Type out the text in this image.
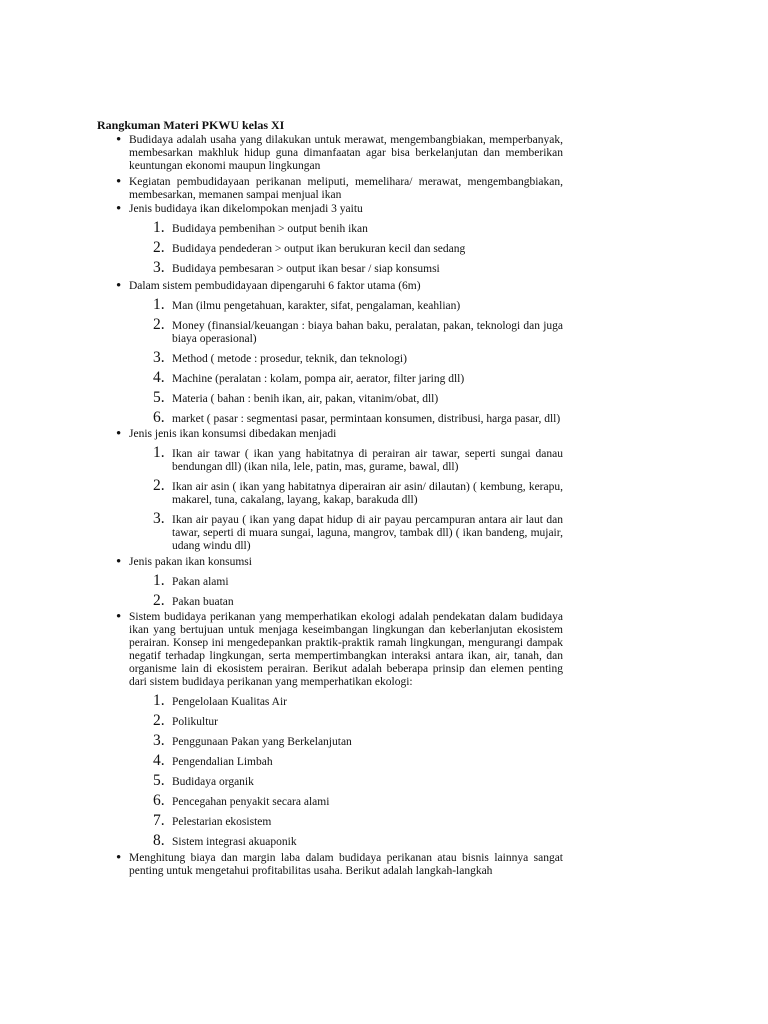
Rangkuman Materi PKWU kelas XI
• Budidaya adalah usaha yang dilakukan untuk merawat, mengembangbiakan, memperbanyak, membesarkan makhluk hidup guna dimanfaatan agar bisa berkelanjutan dan memberikan keuntungan ekonomi maupun lingkungan
• Kegiatan pembudidayaan perikanan meliputi, memelihara/ merawat, mengembangbiakan, membesarkan, memanen sampai menjual ikan
• Jenis budidaya ikan dikelompokan menjadi 3 yaitu
1. Budidaya pembenihan > output benih ikan
2. Budidaya pendederan > output ikan berukuran kecil dan sedang
3. Budidaya pembesaran > output ikan besar / siap konsumsi
• Dalam sistem pembudidayaan dipengaruhi 6 faktor utama (6m)
1. Man (ilmu pengetahuan, karakter, sifat, pengalaman, keahlian)
2. Money (finansial/keuangan : biaya bahan baku, peralatan, pakan, teknologi dan juga biaya operasional)
3. Method ( metode : prosedur, teknik, dan teknologi)
4. Machine (peralatan : kolam, pompa air, aerator, filter jaring dll)
5. Materia ( bahan : benih ikan, air, pakan, vitanim/obat, dll)
6. market ( pasar : segmentasi pasar, permintaan konsumen, distribusi, harga pasar, dll)
• Jenis jenis ikan konsumsi dibedakan menjadi
1. Ikan air tawar ( ikan yang habitatnya di perairan air tawar, seperti sungai danau bendungan dll) (ikan nila, lele, patin, mas, gurame, bawal, dll)
2. Ikan air asin ( ikan yang habitatnya diperairan air asin/ dilautan) ( kembung, kerapu, makarel, tuna, cakalang, layang, kakap, barakuda dll)
3. Ikan air payau ( ikan yang dapat hidup di air payau percampuran antara air laut dan tawar, seperti di muara sungai, laguna, mangrov, tambak dll) ( ikan bandeng, mujair, udang windu dll)
• Jenis pakan ikan konsumsi
1. Pakan alami
2. Pakan buatan
• Sistem budidaya perikanan yang memperhatikan ekologi adalah pendekatan dalam budidaya ikan yang bertujuan untuk menjaga keseimbangan lingkungan dan keberlanjutan ekosistem perairan. Konsep ini mengedepankan praktik-praktik ramah lingkungan, mengurangi dampak negatif terhadap lingkungan, serta mempertimbangkan interaksi antara ikan, air, tanah, dan organisme lain di ekosistem perairan. Berikut adalah beberapa prinsip dan elemen penting dari sistem budidaya perikanan yang memperhatikan ekologi:
1. Pengelolaan Kualitas Air
2. Polikultur
3. Penggunaan Pakan yang Berkelanjutan
4. Pengendalian Limbah
5. Budidaya organik
6. Pencegahan penyakit secara alami
7. Pelestarian ekosistem
8. Sistem integrasi akuaponik
• Menghitung biaya dan margin laba dalam budidaya perikanan atau bisnis lainnya sangat penting untuk mengetahui profitabilitas usaha. Berikut adalah langkah-langkah
